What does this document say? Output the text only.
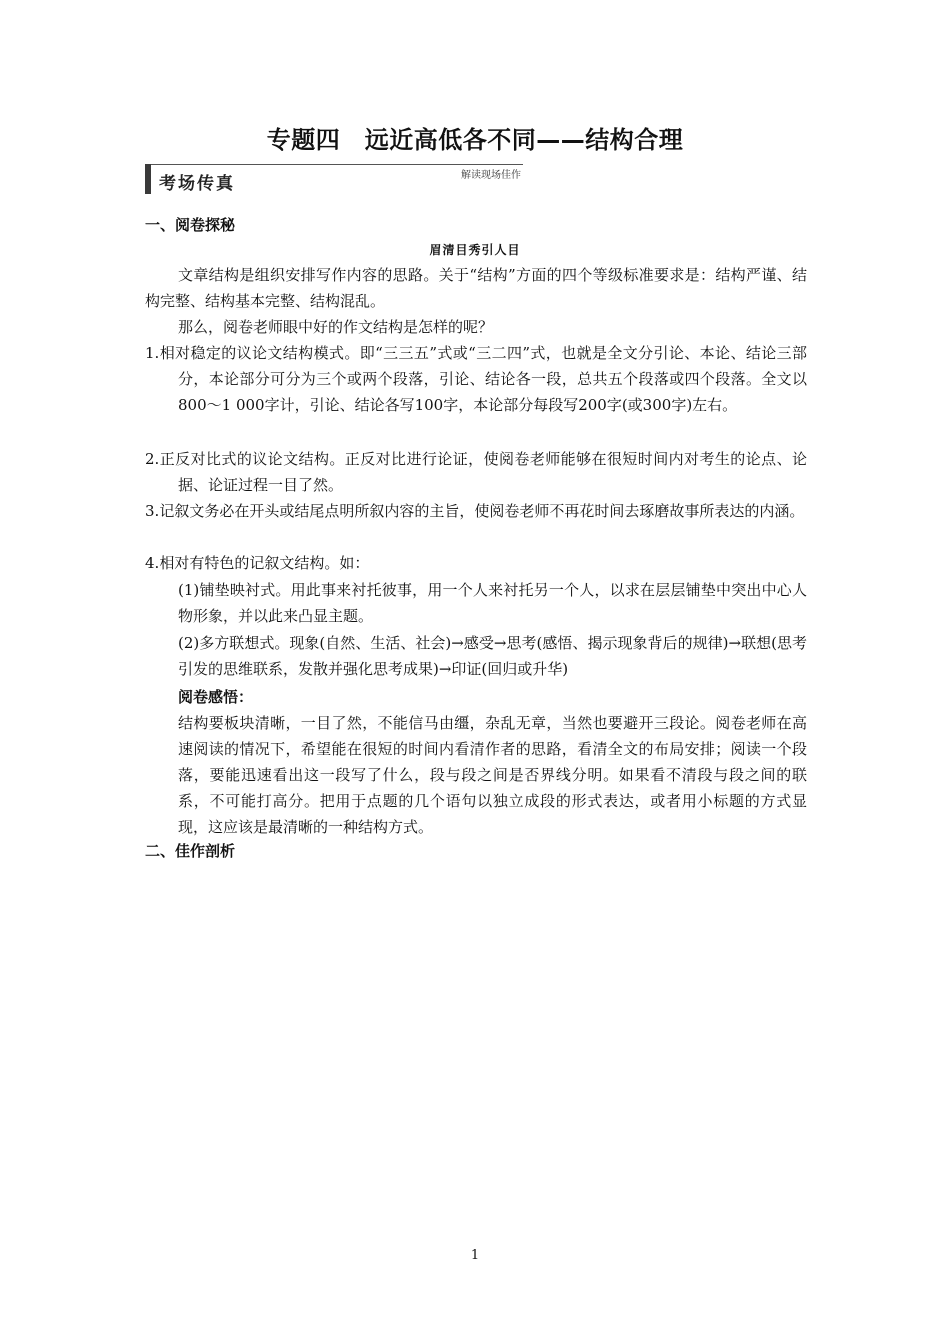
专题四　远近高低各不同——结构合理
考场传真	解读现场佳作
一、阅卷探秘
眉清目秀引人目

文章结构是组织安排写作内容的思路。关于“结构”方面的四个等级标准要求是：结构严谨、结构完整、结构基本完整、结构混乱。

那么，阅卷老师眼中好的作文结构是怎样的呢？

1.相对稳定的议论文结构模式。即“三三五”式或“三二四”式，也就是全文分引论、本论、结论三部分，本论部分可分为三个或两个段落，引论、结论各一段，总共五个段落或四个段落。全文以800～1 000字计，引论、结论各写100字，本论部分每段写200字(或300字)左右。

2.正反对比式的议论文结构。正反对比进行论证，使阅卷老师能够在很短时间内对考生的论点、论据、论证过程一目了然。

3.记叙文务必在开头或结尾点明所叙内容的主旨，使阅卷老师不再花时间去琢磨故事所表达的内涵。

4.相对有特色的记叙文结构。如：

(1)铺垫映衬式。用此事来衬托彼事，用一个人来衬托另一个人，以求在层层铺垫中突出中心人物形象，并以此来凸显主题。

(2)多方联想式。现象(自然、生活、社会)→感受→思考(感悟、揭示现象背后的规律)→联想(思考引发的思维联系，发散并强化思考成果)→印证(回归或升华)

阅卷感悟：

结构要板块清晰，一目了然，不能信马由缰，杂乱无章，当然也要避开三段论。阅卷老师在高速阅读的情况下，希望能在很短的时间内看清作者的思路，看清全文的布局安排；阅读一个段落，要能迅速看出这一段写了什么，段与段之间是否界线分明。如果看不清段与段之间的联系，不可能打高分。把用于点题的几个语句以独立成段的形式表达，或者用小标题的方式显现，这应该是最清晰的一种结构方式。

二、佳作剖析
1
